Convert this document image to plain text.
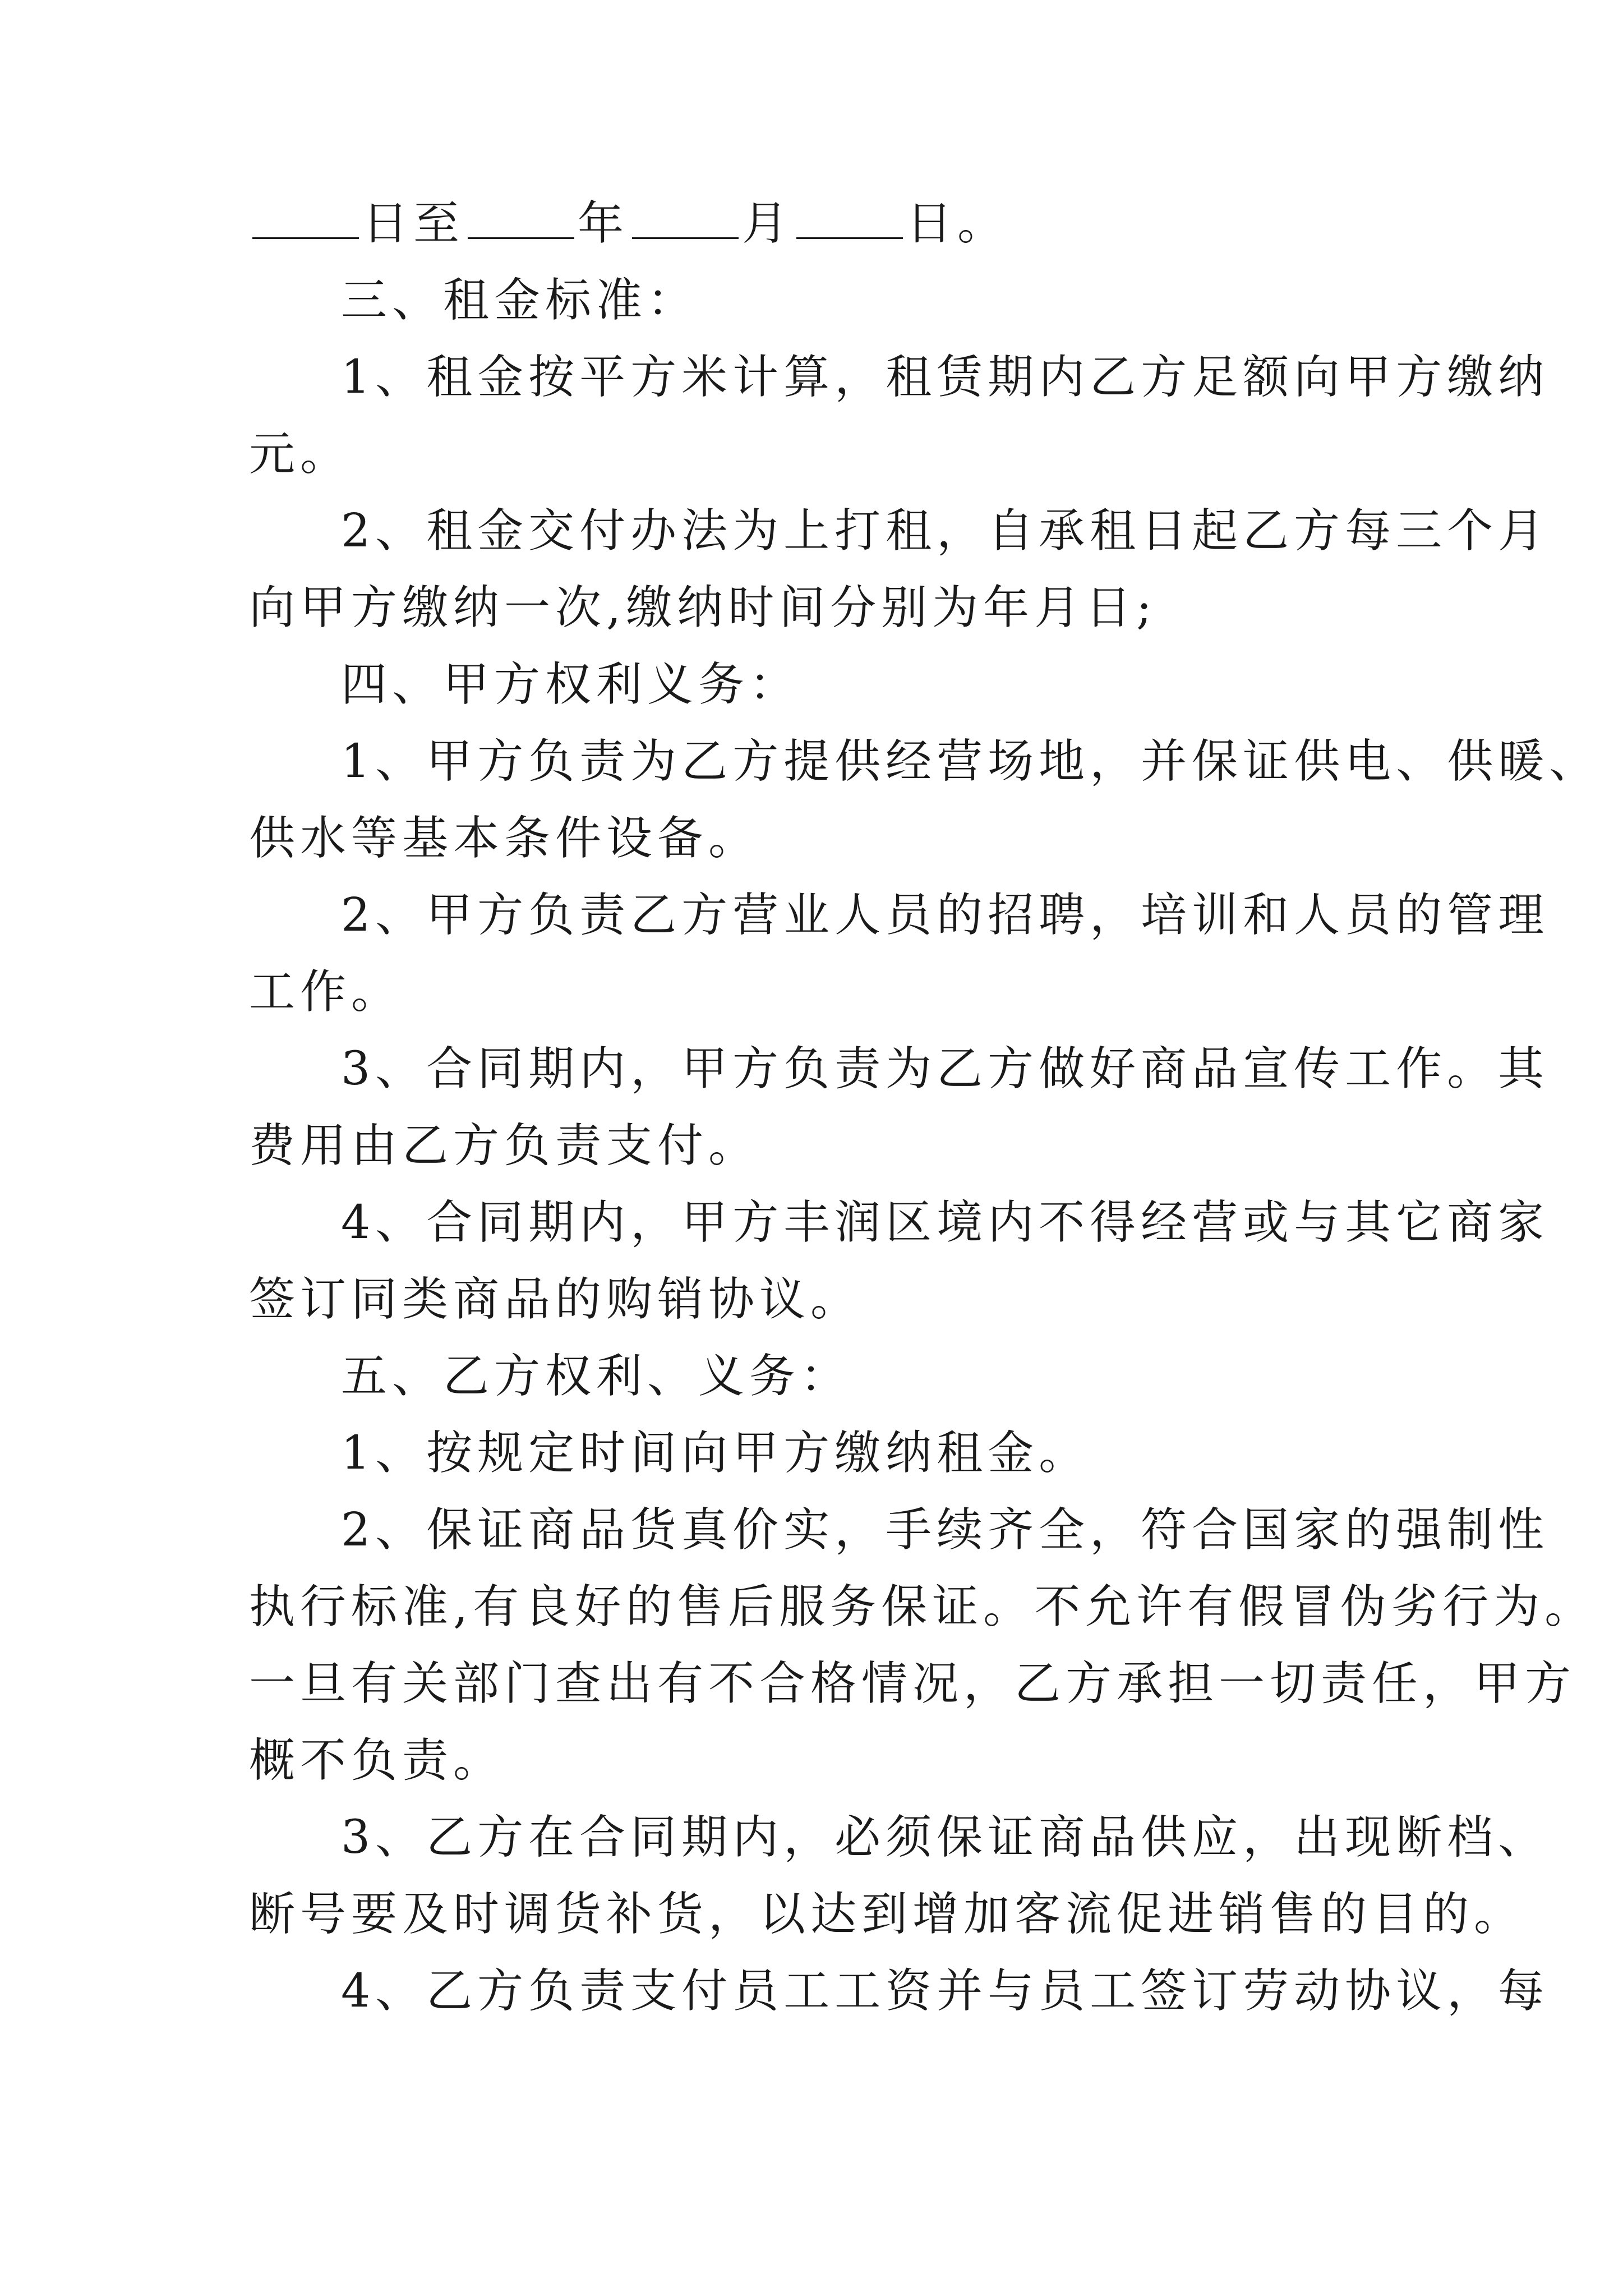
日至 年 月 日。
三、租金标准：
1、租金按平方米计算，租赁期内乙方足额向甲方缴纳
元。
2、租金交付办法为上打租，自承租日起乙方每三个月
向甲方缴纳一次,缴纳时间分别为年月日;
四、甲方权利义务：
1、甲方负责为乙方提供经营场地，并保证供电、供暖、
供水等基本条件设备。
2、甲方负责乙方营业人员的招聘，培训和人员的管理
工作。
3、合同期内，甲方负责为乙方做好商品宣传工作。其
费用由乙方负责支付。
4、合同期内，甲方丰润区境内不得经营或与其它商家
签订同类商品的购销协议。
五、乙方权利、义务：
1、按规定时间向甲方缴纳租金。
2、保证商品货真价实，手续齐全，符合国家的强制性
执行标准,有良好的售后服务保证。不允许有假冒伪劣行为。
一旦有关部门查出有不合格情况，乙方承担一切责任，甲方
概不负责。
3、乙方在合同期内，必须保证商品供应，出现断档、
断号要及时调货补货，以达到增加客流促进销售的目的。
4、乙方负责支付员工工资并与员工签订劳动协议，每
